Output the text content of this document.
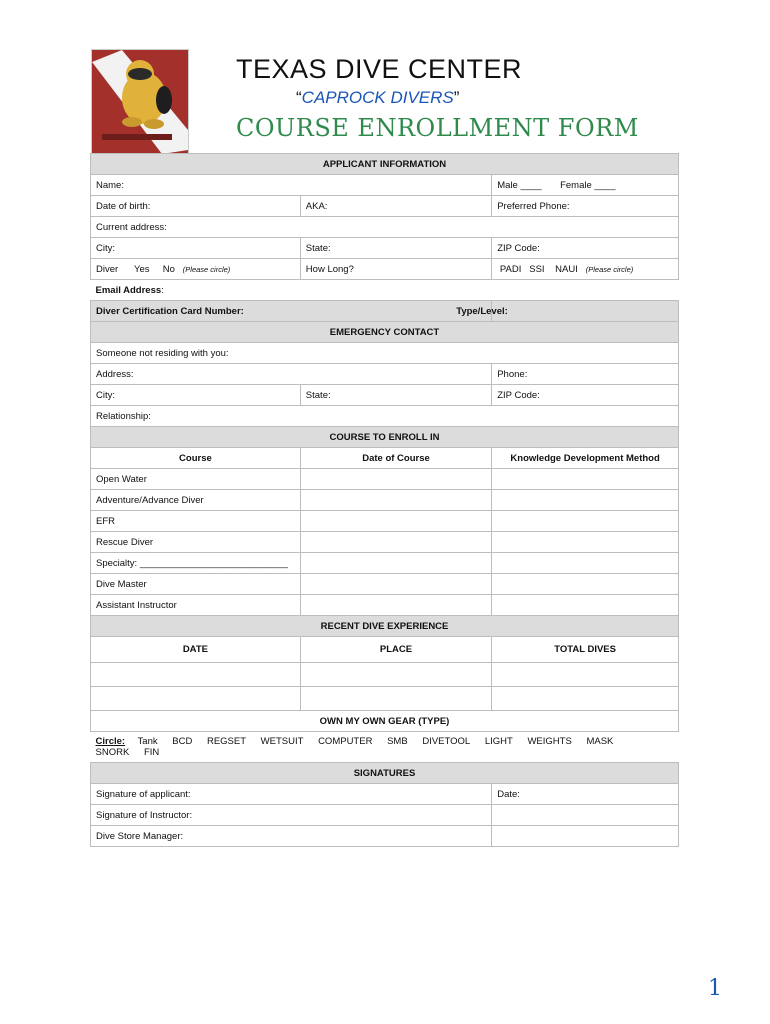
TEXAS DIVE CENTER
“CAPROCK DIVERS”
COURSE ENROLLMENT FORM
APPLICANT INFORMATION		
Name:		Male ____ Female ____
Date of birth:	AKA:	Preferred Phone:
Current address:		
City:	State:	ZIP Code:
Diver Yes No (Please circle)	How Long?	PADI SSI NAUI (Please circle)
Email Address:		
Diver Certification Card Number:		Type/Level:
EMERGENCY CONTACT		
Someone not residing with you:		
Address:		Phone:
City:	State:	ZIP Code:
Relationship:		
COURSE TO ENROLL IN		
Course	Date of Course	Knowledge Development Method
Open Water		
Adventure/Advance Diver		
EFR		
Rescue Diver		
Specialty: ____________________________		
Dive Master		
Assistant Instructor		
RECENT DIVE EXPERIENCE		
DATE	PLACE	TOTAL DIVES

OWN MY OWN GEAR (TYPE)		
Circle: Tank BCD REGSET WETSUIT COMPUTER SMB DIVETOOL LIGHT WEIGHTS MASK SNORK FIN		
SIGNATURES		
Signature of applicant:		Date:
Signature of Instructor:		
Dive Store Manager:		
1
